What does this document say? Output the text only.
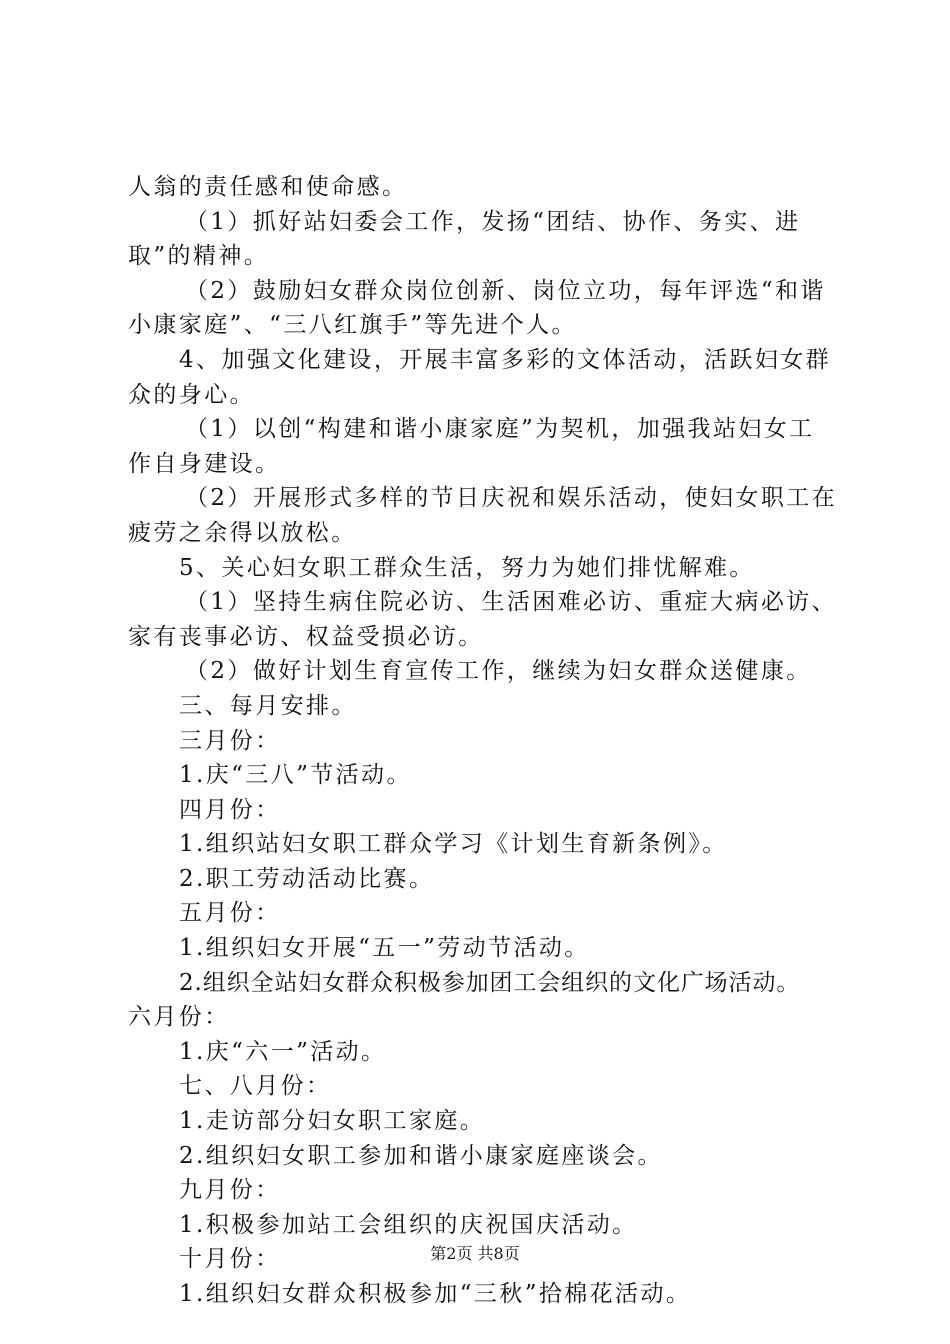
人翁的责任感和使命感。
（1）抓好站妇委会工作，发扬“团结、协作、务实、进
取”的精神。
（2）鼓励妇女群众岗位创新、岗位立功，每年评选“和谐
小康家庭”、“三八红旗手”等先进个人。
4、加强文化建设，开展丰富多彩的文体活动，活跃妇女群
众的身心。
（1）以创“构建和谐小康家庭”为契机，加强我站妇女工
作自身建设。
（2）开展形式多样的节日庆祝和娱乐活动，使妇女职工在
疲劳之余得以放松。
5、关心妇女职工群众生活，努力为她们排忧解难。
（1）坚持生病住院必访、生活困难必访、重症大病必访、
家有丧事必访、权益受损必访。
（2）做好计划生育宣传工作，继续为妇女群众送健康。
三、每月安排。
三月份：
1.庆“三八”节活动。
四月份：
1.组织站妇女职工群众学习《计划生育新条例》。
2.职工劳动活动比赛。
五月份：
1.组织妇女开展“五一”劳动节活动。
2.组织全站妇女群众积极参加团工会组织的文化广场活动。
六月份：
1.庆“六一”活动。
七、八月份：
1.走访部分妇女职工家庭。
2.组织妇女职工参加和谐小康家庭座谈会。
九月份：
1.积极参加站工会组织的庆祝国庆活动。
十月份：
1.组织妇女群众积极参加“三秋”拾棉花活动。
第2页 共8页
